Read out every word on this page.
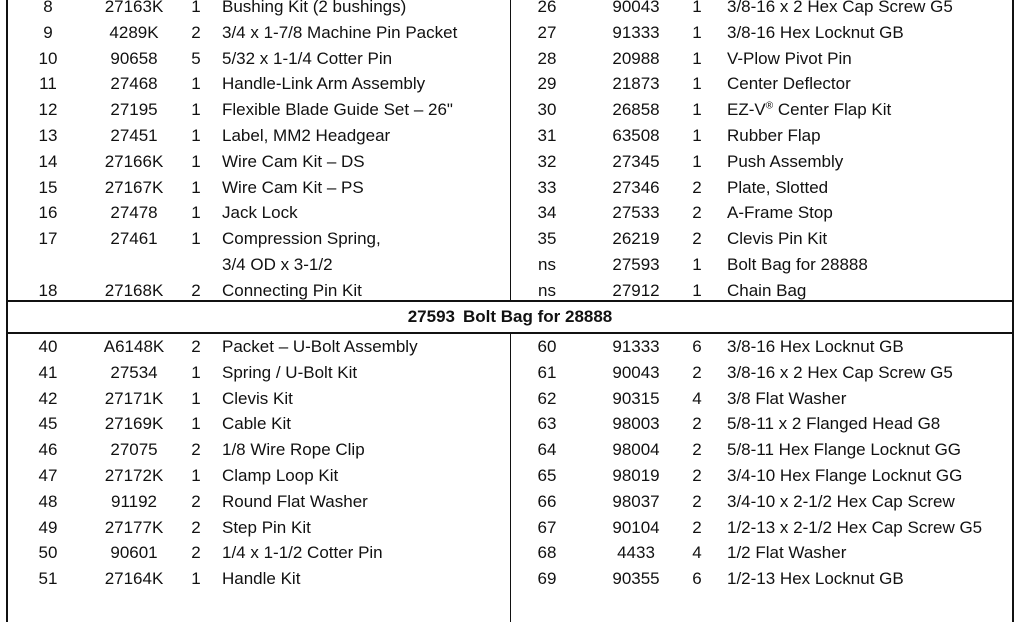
8	27163K	1	Bushing Kit (2 bushings)
9	4289K	2	3/4 x 1-7/8 Machine Pin Packet
10	90658	5	5/32 x 1-1/4 Cotter Pin
11	27468	1	Handle-Link Arm Assembly
12	27195	1	Flexible Blade Guide Set – 26"
13	27451	1	Label, MM2 Headgear
14	27166K	1	Wire Cam Kit – DS
15	27167K	1	Wire Cam Kit – PS
16	27478	1	Jack Lock
17	27461	1	Compression Spring,
3/4 OD x 3-1/2
18	27168K	2	Connecting Pin Kit
26	90043	1	3/8-16 x 2 Hex Cap Screw G5
27	91333	1	3/8-16 Hex Locknut GB
28	20988	1	V-Plow Pivot Pin
29	21873	1	Center Deflector
30	26858	1	EZ-V® Center Flap Kit
31	63508	1	Rubber Flap
32	27345	1	Push Assembly
33	27346	2	Plate, Slotted
34	27533	2	A-Frame Stop
35	26219	2	Clevis Pin Kit
ns	27593	1	Bolt Bag for 28888
ns	27912	1	Chain Bag
27593 Bolt Bag for 28888
40	A6148K	2	Packet – U-Bolt Assembly
41	27534	1	Spring / U-Bolt Kit
42	27171K	1	Clevis Kit
45	27169K	1	Cable Kit
46	27075	2	1/8 Wire Rope Clip
47	27172K	1	Clamp Loop Kit
48	91192	2	Round Flat Washer
49	27177K	2	Step Pin Kit
50	90601	2	1/4 x 1-1/2 Cotter Pin
51	27164K	1	Handle Kit
60	91333	6	3/8-16 Hex Locknut GB
61	90043	2	3/8-16 x 2 Hex Cap Screw G5
62	90315	4	3/8 Flat Washer
63	98003	2	5/8-11 x 2 Flanged Head G8
64	98004	2	5/8-11 Hex Flange Locknut GG
65	98019	2	3/4-10 Hex Flange Locknut GG
66	98037	2	3/4-10 x 2-1/2 Hex Cap Screw
67	90104	2	1/2-13 x 2-1/2 Hex Cap Screw G5
68	4433	4	1/2 Flat Washer
69	90355	6	1/2-13 Hex Locknut GB
